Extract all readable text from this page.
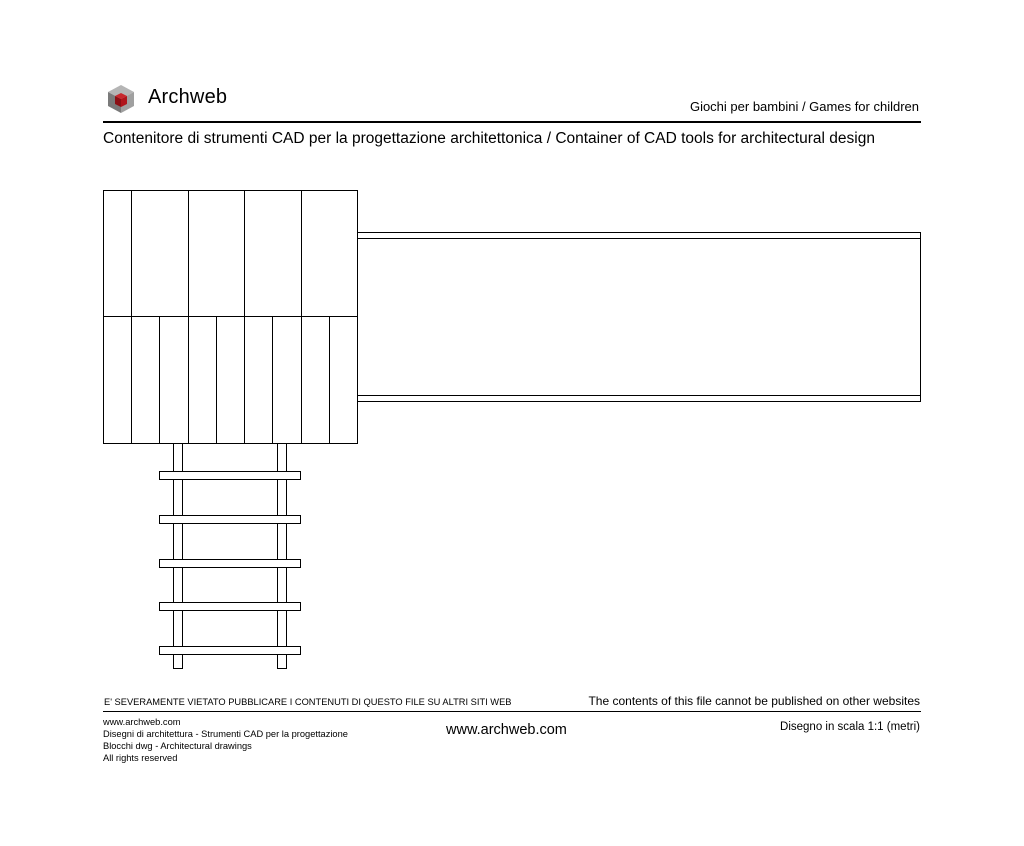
Archweb	Giochi per bambini / Games for children
Contenitore di strumenti CAD per la progettazione architettonica / Container of CAD tools for architectural design
E' SEVERAMENTE VIETATO PUBBLICARE I CONTENUTI DI QUESTO FILE SU ALTRI SITI WEB	The contents of this file cannot be published on other websites
www.archweb.com
Disegni di architettura - Strumenti CAD per la progettazione
Blocchi dwg - Architectural drawings
All rights reserved
www.archweb.com	Disegno in scala 1:1 (metri)
